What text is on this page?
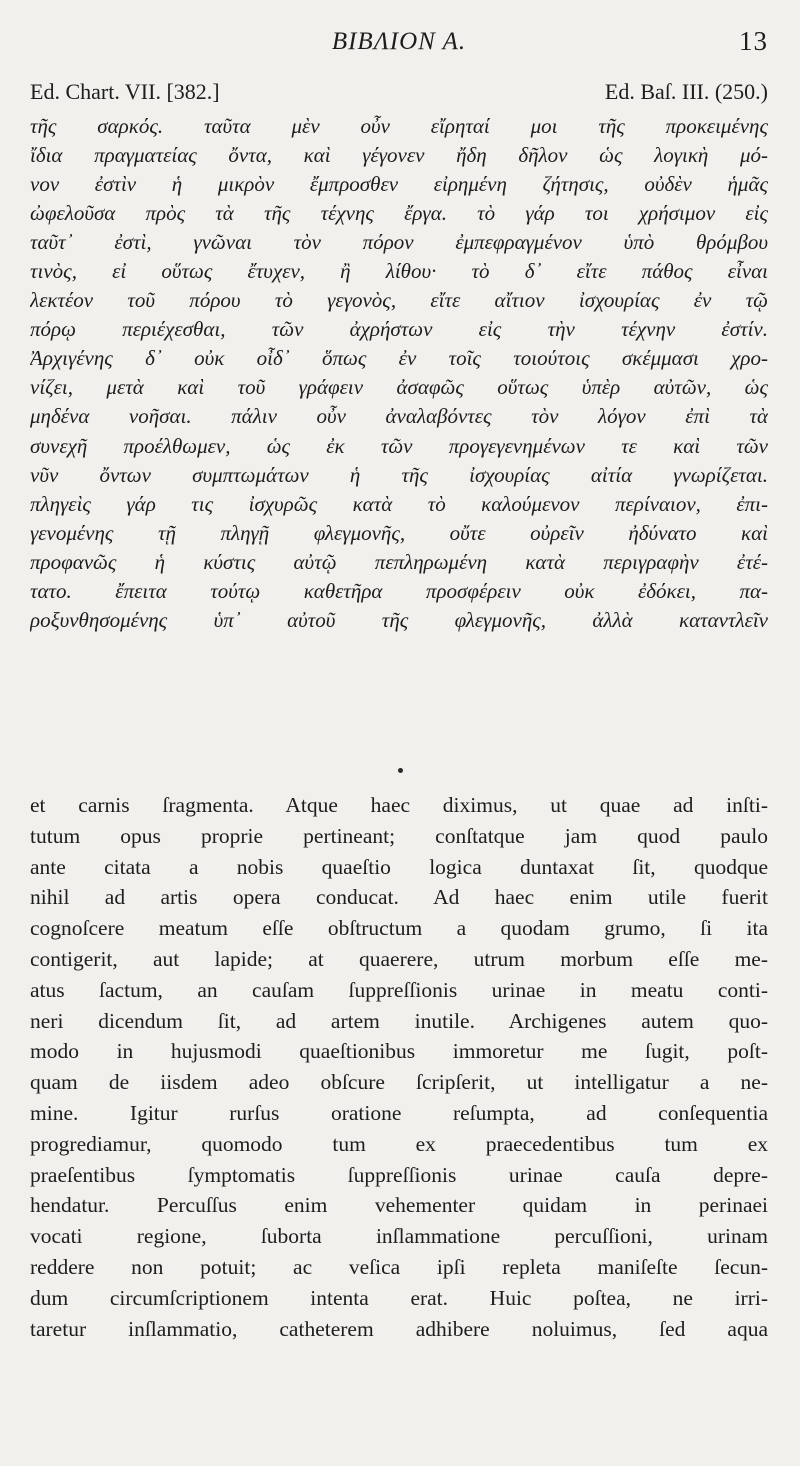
ΒΙΒΛΙΟΝ Α.	13
Ed. Chart. VII. [382.]	Ed. Baſ. III. (250.)
τῆς σαρκός. ταῦτα μὲν οὖν εἴρηταί μοι τῆς προκειμένης
ἴδια πραγματείας ὄντα, καὶ γέγονεν ἤδη δῆλον ὡς λογικὴ μό-
νον ἐστὶν ἡ μικρὸν ἔμπροσθεν εἰρημένη ζήτησις, οὐδὲν ἡμᾶς
ὠφελοῦσα πρὸς τὰ τῆς τέχνης ἔργα. τὸ γάρ τοι χρήσιμον εἰς
ταῦτ᾽ ἐστὶ, γνῶναι τὸν πόρον ἐμπεφραγμένον ὑπὸ θρόμβου
τινὸς, εἰ οὕτως ἔτυχεν, ἢ λίθου· τὸ δ᾽ εἴτε πάθος εἶναι
λεκτέον τοῦ πόρου τὸ γεγονὸς, εἴτε αἴτιον ἰσχουρίας ἐν τῷ
πόρῳ περιέχεσθαι, τῶν ἀχρήστων εἰς τὴν τέχνην ἐστίν.
Ἀρχιγένης δ᾽ οὐκ οἶδ᾽ ὅπως ἐν τοῖς τοιούτοις σκέμμασι χρο-
νίζει, μετὰ καὶ τοῦ γράφειν ἀσαφῶς οὕτως ὑπὲρ αὐτῶν, ὡς
μηδένα νοῆσαι. πάλιν οὖν ἀναλαβόντες τὸν λόγον ἐπὶ τὰ
συνεχῆ προέλθωμεν, ὡς ἐκ τῶν προγεγενημένων τε καὶ τῶν
νῦν ὄντων συμπτωμάτων ἡ τῆς ἰσχουρίας αἰτία γνωρίζεται.
πληγεὶς γάρ τις ἰσχυρῶς κατὰ τὸ καλούμενον περίναιον, ἐπι-
γενομένης τῇ πληγῇ φλεγμονῆς, οὔτε οὐρεῖν ἠδύνατο καὶ
προφανῶς ἡ κύστις αὐτῷ πεπληρωμένη κατὰ περιγραφὴν ἐτέ-
τατο. ἔπειτα τούτῳ καθετῆρα προσφέρειν οὐκ ἐδόκει, πα-
ροξυνθησομένης ὑπ᾽ αὐτοῦ τῆς φλεγμονῆς, ἀλλὰ καταντλεῖν
et carnis ſragmenta. Atque haec diximus, ut quae ad inſti-
tutum opus proprie pertineant; conſtatque jam quod paulo
ante citata a nobis quaeſtio logica duntaxat ſit, quodque
nihil ad artis opera conducat. Ad haec enim utile fuerit
cognoſcere meatum eſſe obſtructum a quodam grumo, ſi ita
contigerit, aut lapide; at quaerere, utrum morbum eſſe me-
atus ſactum, an cauſam ſuppreſſionis urinae in meatu conti-
neri dicendum ſit, ad artem inutile. Archigenes autem quo-
modo in hujusmodi quaeſtionibus immoretur me ſugit, poſt-
quam de iisdem adeo obſcure ſcripſerit, ut intelligatur a ne-
mine. Igitur rurſus oratione reſumpta, ad conſequentia
progrediamur, quomodo tum ex praecedentibus tum ex
praeſentibus ſymptomatis ſuppreſſionis urinae cauſa depre-
hendatur. Percuſſus enim vehementer quidam in perinaei
vocati regione, ſuborta inſlammatione percuſſioni, urinam
reddere non potuit; ac veſica ipſi repleta maniſeſte ſecun-
dum circumſcriptionem intenta erat. Huic poſtea, ne irri-
taretur inſlammatio, catheterem adhibere noluimus, ſed aqua
